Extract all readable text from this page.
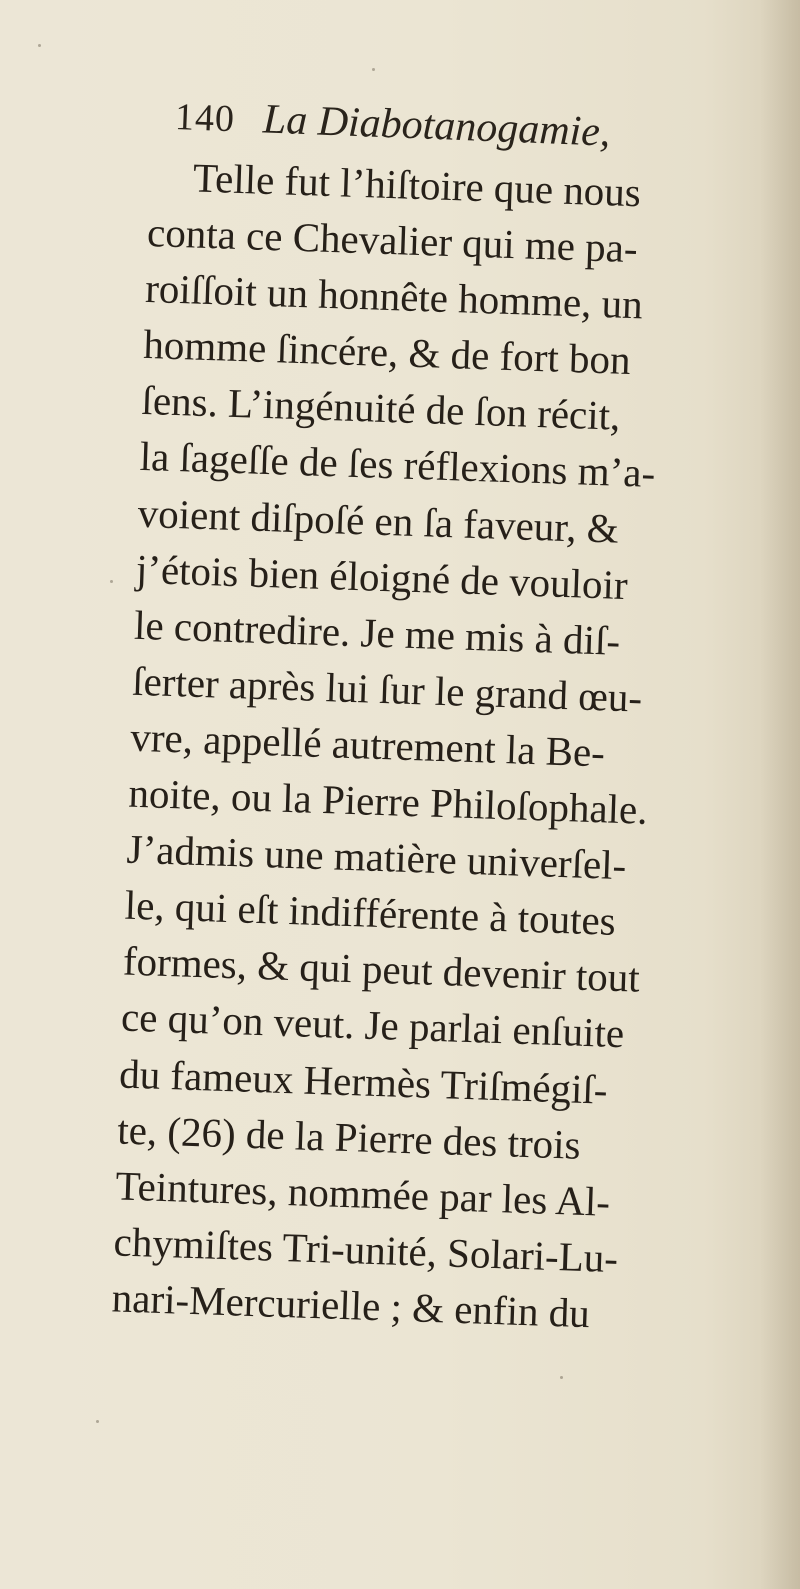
140 La Diabotanogamie,
Telle fut l’hiſtoire que nous
conta ce Chevalier qui me pa-
roiſſoit un honnête homme, un
homme ſincére, & de fort bon
ſens. L’ingénuité de ſon récit,
la ſageſſe de ſes réflexions m’a-
voient diſpoſé en ſa faveur, &
j’étois bien éloigné de vouloir
le contredire. Je me mis à diſ-
ſerter après lui ſur le grand œu-
vre, appellé autrement la Be-
noite, ou la Pierre Philoſophale.
J’admis une matière univerſel-
le, qui eſt indifférente à toutes
formes, & qui peut devenir tout
ce qu’on veut. Je parlai enſuite
du fameux Hermès Triſmégiſ-
te, (26) de la Pierre des trois
Teintures, nommée par les Al-
chymiſtes Tri-unité, Solari-Lu-
nari-Mercurielle ; & enfin du
